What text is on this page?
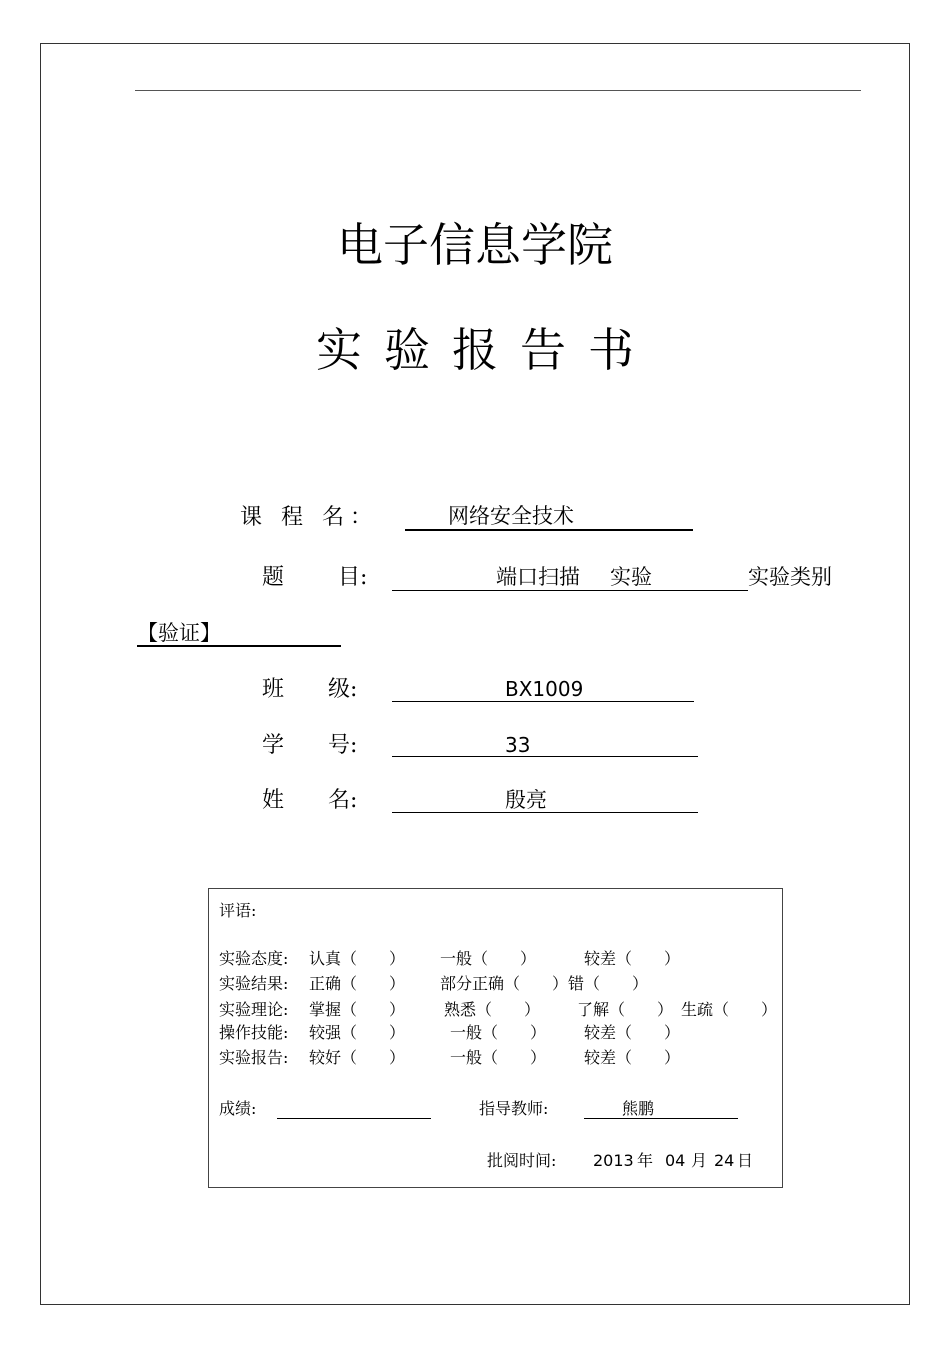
电子信息学院
实验报告书
课 程 名：	网络安全技术
题 目:	端口扫描 实验	实验类别
【验证】
班 级:	BX1009
学 号:	33
姓 名:	殷亮
评语:
实验态度: 认真（　　） 一般（　　）	较差（　　）
实验结果: 正确（　　） 部分正确（　　）错（　　）
实验理论: 掌握（　　） 熟悉（　　） 了解（　　） 生疏（　　）
操作技能: 较强（　　）	一般（　　） 较差（　　）
实验报告: 较好（　　）	一般（　　） 较差（　　）
成绩:	指导教师:	熊鹏
批阅时间: 2013 年 04 月 24 日
